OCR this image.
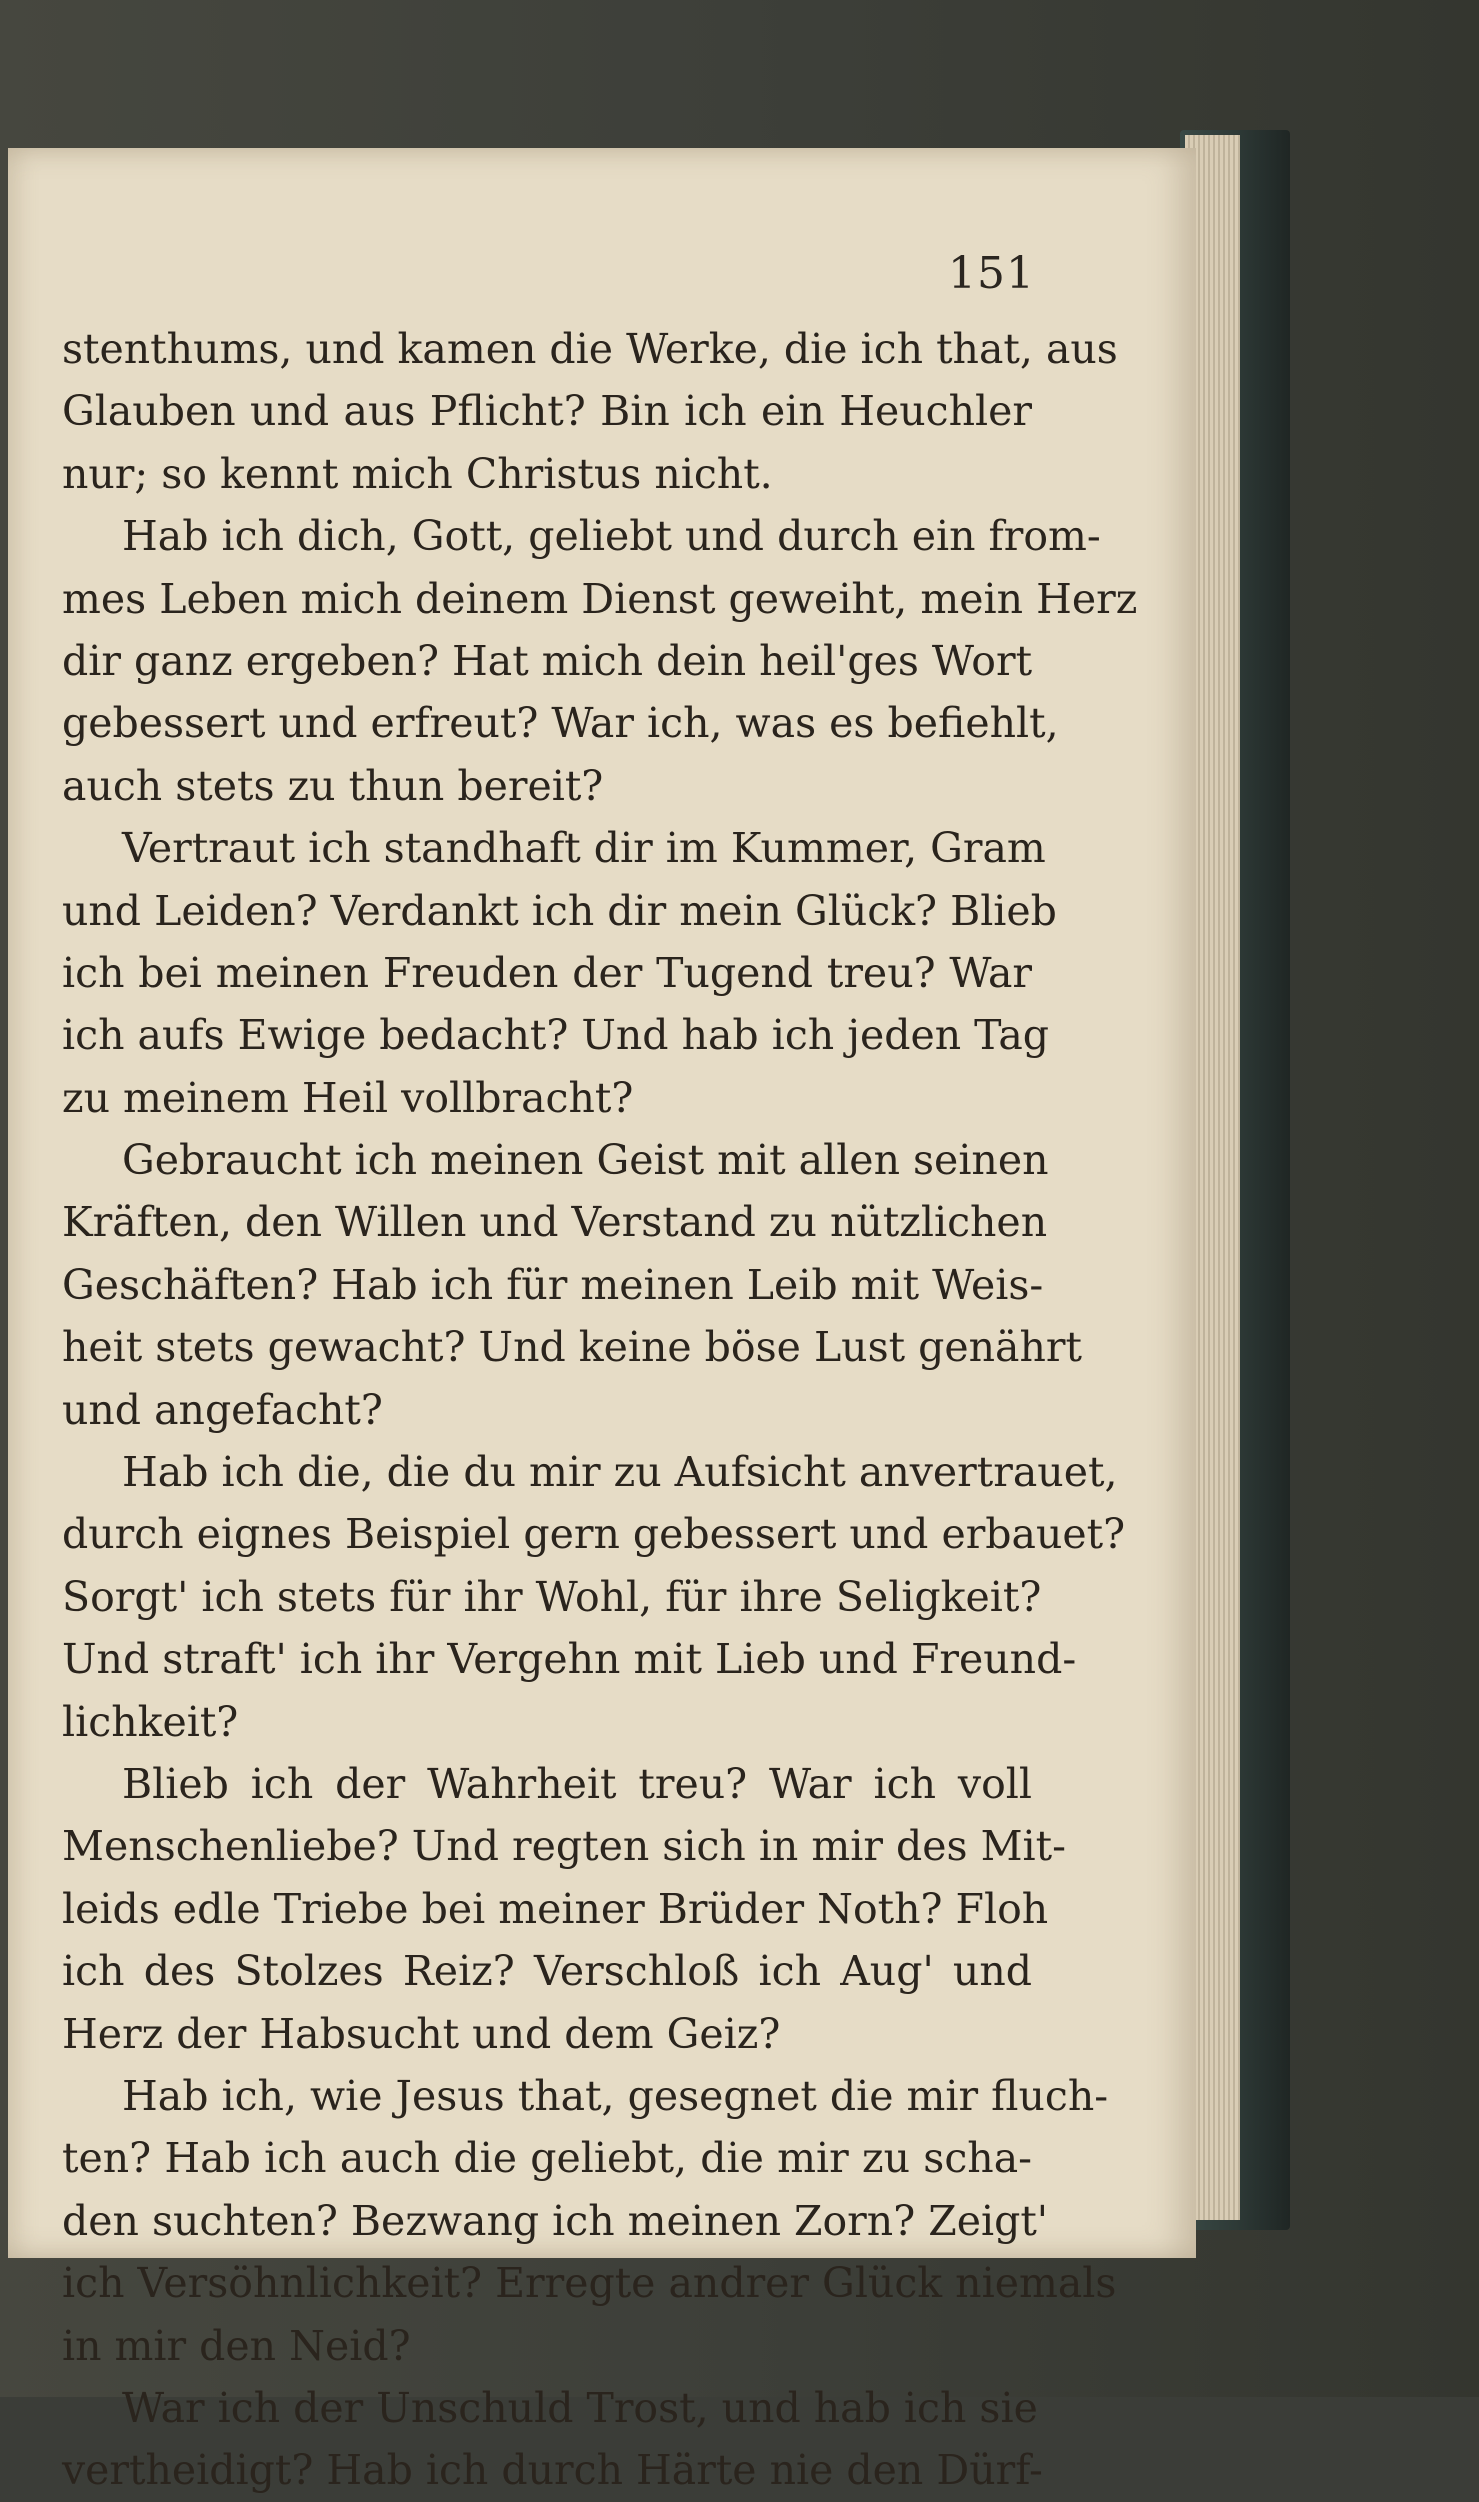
151
stenthums, und kamen die Werke, die ich that, aus
Glauben und aus Pflicht? Bin ich ein Heuchler
nur; so kennt mich Christus nicht.
Hab ich dich, Gott, geliebt und durch ein from-
mes Leben mich deinem Dienst geweiht, mein Herz
dir ganz ergeben? Hat mich dein heil'ges Wort
gebessert und erfreut? War ich, was es befiehlt,
auch stets zu thun bereit?
Vertraut ich standhaft dir im Kummer, Gram
und Leiden? Verdankt ich dir mein Glück? Blieb
ich bei meinen Freuden der Tugend treu? War
ich aufs Ewige bedacht? Und hab ich jeden Tag
zu meinem Heil vollbracht?
Gebraucht ich meinen Geist mit allen seinen
Kräften, den Willen und Verstand zu nützlichen
Geschäften? Hab ich für meinen Leib mit Weis-
heit stets gewacht? Und keine böse Lust genährt
und angefacht?
Hab ich die, die du mir zu Aufsicht anvertrauet,
durch eignes Beispiel gern gebessert und erbauet?
Sorgt' ich stets für ihr Wohl, für ihre Seligkeit?
Und straft' ich ihr Vergehn mit Lieb und Freund-
lichkeit?
Blieb ich der Wahrheit treu? War ich voll
Menschenliebe? Und regten sich in mir des Mit-
leids edle Triebe bei meiner Brüder Noth? Floh
ich des Stolzes Reiz? Verschloß ich Aug' und
Herz der Habsucht und dem Geiz?
Hab ich, wie Jesus that, gesegnet die mir fluch-
ten? Hab ich auch die geliebt, die mir zu scha-
den suchten? Bezwang ich meinen Zorn? Zeigt'
ich Versöhnlichkeit? Erregte andrer Glück niemals
in mir den Neid?
War ich der Unschuld Trost, und hab ich sie
vertheidigt? Hab ich durch Härte nie den Dürf-
